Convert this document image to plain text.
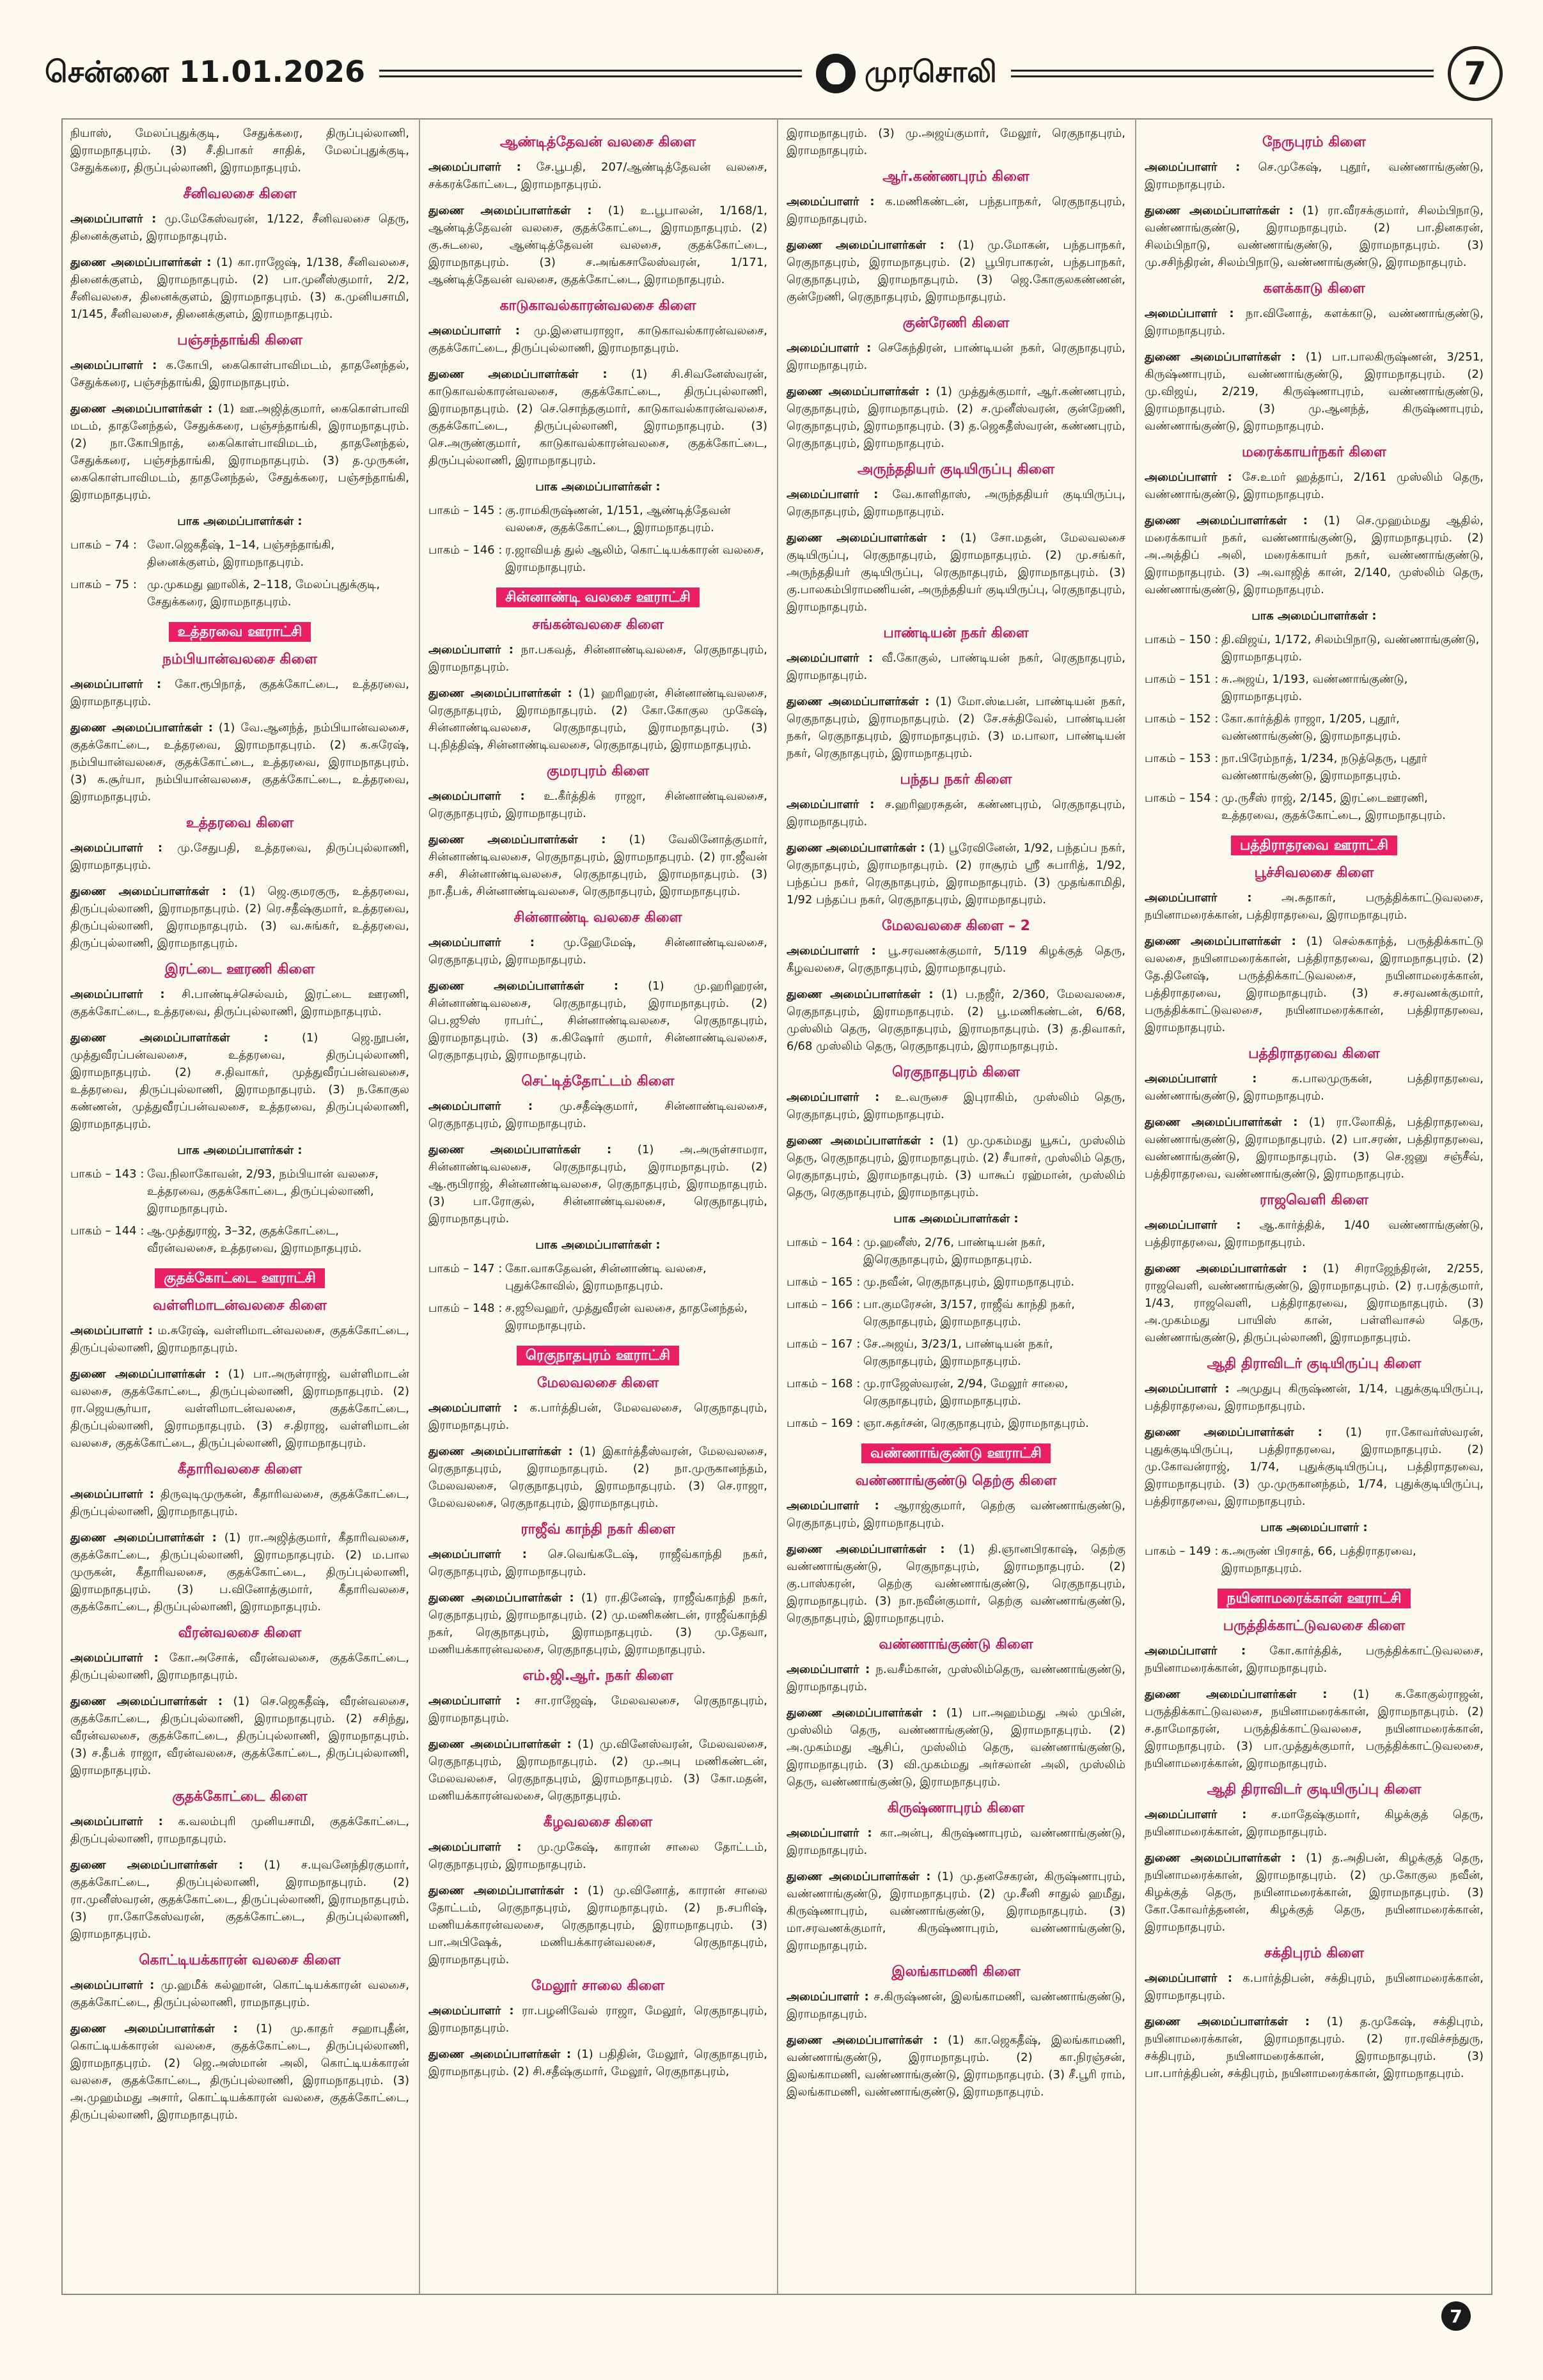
சென்னை 11.01.2026	முரசொலி	7

நியாஸ், மேலப்புதுக்குடி, சேதுக்கரை, திருப்புல்லாணி, இராமநாதபுரம். (3) சீ.திபாகர் சாதிக், மேலப்புதுக்குடி, சேதுக்கரை, திருப்புல்லாணி, இராமநாதபுரம்.

சீனிவலசை கிளை

அமைப்பாளர் : மு.மேகேஸ்வரன், 1/122, சீனிவலசை தெரு, தினைக்குளம், இராமநாதபுரம்.

துணை அமைப்பாளர்கள் : (1) கா.ராஜேஷ், 1/138, சீனிவலசை, தினைக்குளம், இராமநாதபுரம். (2) பா.முனீஸ்குமார், 2/2, சீனிவலசை, தினைக்குளம், இராமநாதபுரம். (3) க.முனியசாமி, 1/145, சீனிவலசை, தினைக்குளம், இராமநாதபுரம்.

பஞ்சந்தாங்கி கிளை

அமைப்பாளர் : க.கோபி, கைகொள்பாவிமடம், தாதனேந்தல், சேதுக்கரை, பஞ்சந்தாங்கி, இராமநாதபுரம்.

துணை அமைப்பாளர்கள் : (1) ஊ.அஜித்குமார், கைகொள்பாவி மடம், தாதனேந்தல், சேதுக்கரை, பஞ்சந்தாங்கி, இராமநாதபுரம். (2) நா.கோபிநாத், கைகொள்பாவிமடம், தாதனேந்தல், சேதுக்கரை, பஞ்சந்தாங்கி, இராமநாதபுரம். (3) த.முருகன், கைகொள்பாவிமடம், தாதனேந்தல், சேதுக்கரை, பஞ்சந்தாங்கி, இராமநாதபுரம்.

பாக அமைப்பாளர்கள் :
பாகம் – 74 : லோ.ஜெகதீஷ், 1–14, பஞ்சந்தாங்கி, தினைக்குளம், இராமநாதபுரம்.
பாகம் – 75 : மு.முகமது ஹாலிக், 2–118, மேலப்புதுக்குடி, சேதுக்கரை, இராமநாதபுரம்.
உத்தரவை ஊராட்சி
நம்பியான்வலசை கிளை

அமைப்பாளர் : கோ.ரூபிநாத், குதக்கோட்டை, உத்தரவை, இராமநாதபுரம்.

துணை அமைப்பாளர்கள் : (1) வே.ஆனந்த், நம்பியான்வலசை, குதக்கோட்டை, உத்தரவை, இராமநாதபுரம். (2) க.சுரேஷ், நம்பியான்வலசை, குதக்கோட்டை, உத்தரவை, இராமநாதபுரம். (3) க.சூர்யா, நம்பியான்வலசை, குதக்கோட்டை, உத்தரவை, இராமநாதபுரம்.

உத்தரவை கிளை

அமைப்பாளர் : மு.சேதுபதி, உத்தரவை, திருப்புல்லாணி, இராமநாதபுரம்.

துணை அமைப்பாளர்கள் : (1) ஜெ.குமரகுரு, உத்தரவை, திருப்புல்லாணி, இராமநாதபுரம். (2) ரெ.சதீஷ்குமார், உத்தரவை, திருப்புல்லாணி, இராமநாதபுரம். (3) வ.சுங்கர், உத்தரவை, திருப்புல்லாணி, இராமநாதபுரம்.

இரட்டை ஊரணி கிளை

அமைப்பாளர் : சி.பாண்டிச்செல்வம், இரட்டை ஊரணி, குதக்கோட்டை, உத்தரவை, திருப்புல்லாணி, இராமநாதபுரம்.

துணை அமைப்பாளர்கள் : (1) ஜெ.நூபன், முத்துவீரப்பன்வலசை, உத்தரவை, திருப்புல்லாணி, இராமநாதபுரம். (2) ச.திவாகர், முத்துவீரப்பன்வலசை, உத்தரவை, திருப்புல்லாணி, இராமநாதபுரம். (3) ந.கோகுல கண்ணன், முத்துவீரப்பன்வலசை, உத்தரவை, திருப்புல்லாணி, இராமநாதபுரம்.

பாக அமைப்பாளர்கள் :
பாகம் – 143 : வே.நிலாகோவன், 2/93, நம்பியான் வலசை, உத்தரவை, குதக்கோட்டை, திருப்புல்லாணி, இராமநாதபுரம்.
பாகம் – 144 : ஆ.முத்துராஜ், 3–32, குதக்கோட்டை, வீரன்வலசை, உத்தரவை, இராமநாதபுரம்.
குதக்கோட்டை ஊராட்சி
வள்ளிமாடன்வலசை கிளை

அமைப்பாளர் : ம.சுரேஷ், வள்ளிமாடன்வலசை, குதக்கோட்டை, திருப்புல்லாணி, இராமநாதபுரம்.

துணை அமைப்பாளர்கள் : (1) பா.அருள்ராஜ், வள்ளிமாடன் வலசை, குதக்கோட்டை, திருப்புல்லாணி, இராமநாதபுரம். (2) ரா.ஜெயசூர்யா, வள்ளிமாடன்வலசை, குதக்கோட்டை, திருப்புல்லாணி, இராமநாதபுரம். (3) ச.திராஜ, வள்ளிமாடன் வலசை, குதக்கோட்டை, திருப்புல்லாணி, இராமநாதபுரம்.

கீதாரிவலசை கிளை

அமைப்பாளர் : திருவுடிமுருகன், கீதாரிவலசை, குதக்கோட்டை, திருப்புல்லாணி, இராமநாதபுரம்.

துணை அமைப்பாளர்கள் : (1) ரா.அஜித்குமார், கீதாரிவலசை, குதக்கோட்டை, திருப்புல்லாணி, இராமநாதபுரம். (2) ம.பால முருகன், கீதாரிவலசை, குதக்கோட்டை, திருப்புல்லாணி, இராமநாதபுரம். (3) ப.வினோத்குமார், கீதாரிவலசை, குதக்கோட்டை, திருப்புல்லாணி, இராமநாதபுரம்.

வீரன்வலசை கிளை

அமைப்பாளர் : கோ.அசோக், வீரன்வலசை, குதக்கோட்டை, திருப்புல்லாணி, இராமநாதபுரம்.

துணை அமைப்பாளர்கள் : (1) செ.ஜெகதீஷ், வீரன்வலசை, குதக்கோட்டை, திருப்புல்லாணி, இராமநாதபுரம். (2) சசிந்து, வீரன்வலசை, குதக்கோட்டை, திருப்புல்லாணி, இராமநாதபுரம். (3) ச.தீபக் ராஜா, வீரன்வலசை, குதக்கோட்டை, திருப்புல்லாணி, இராமநாதபுரம்.

குதக்கோட்டை கிளை

அமைப்பாளர் : க.வலம்புரி முனியசாமி, குதக்கோட்டை, திருப்புல்லாணி, ராமநாதபுரம்.

துணை அமைப்பாளர்கள் : (1) ச.யுவனேந்திரகுமார், குதக்கோட்டை, திருப்புல்லாணி, இராமநாதபுரம். (2) ரா.முனீஸ்வரன், குதக்கோட்டை, திருப்புல்லாணி, இராமநாதபுரம். (3) ரா.கோகேஸ்வரன், குதக்கோட்டை, திருப்புல்லாணி, இராமநாதபுரம்.

கொட்டியக்காரன் வலசை கிளை

அமைப்பாளர் : மு.ஹமீக் கல்ஹான், கொட்டியக்காரன் வலசை, குதக்கோட்டை, திருப்புல்லாணி, ராமநாதபுரம்.

துணை அமைப்பாளர்கள் : (1) மு.காதர் சஹாபுதீன், கொட்டியக்காரன் வலசை, குதக்கோட்டை, திருப்புல்லாணி, இராமநாதபுரம். (2) ஜெ.அஸ்மான் அலி, கொட்டியக்காரன் வலசை, குதக்கோட்டை, திருப்புல்லாணி, இராமநாதபுரம். (3) அ.முஹம்மது அசார், கொட்டியக்காரன் வலசை, குதக்கோட்டை, திருப்புல்லாணி, இராமநாதபுரம்.

ஆண்டித்தேவன் வலசை கிளை

அமைப்பாளர் : சே.பூபதி, 207/ஆண்டித்தேவன் வலசை, சக்கரக்கோட்டை, இராமநாதபுரம்.

துணை அமைப்பாளர்கள் : (1) உ.பூபாலன், 1/168/1, ஆண்டித்தேவன் வலசை, குதக்கோட்டை, இராமநாதபுரம். (2) கு.சுடலை, ஆண்டித்தேவன் வலசை, குதக்கோட்டை, இராமநாதபுரம். (3) ச.அங்கசாலேஸ்வரன், 1/171, ஆண்டித்தேவன் வலசை, குதக்கோட்டை, இராமநாதபுரம்.

காடுகாவல்காரன்வலசை கிளை

அமைப்பாளர் : மு.இளையராஜா, காடுகாவல்காரன்வலசை, குதக்கோட்டை, திருப்புல்லாணி, இராமநாதபுரம்.

துணை அமைப்பாளர்கள் : (1) சி.சிவனேஸ்வரன், காடுகாவல்காரன்வலசை, குதக்கோட்டை, திருப்புல்லாணி, இராமநாதபுரம். (2) செ.சொந்தகுமார், காடுகாவல்காரன்வலசை, குதக்கோட்டை, திருப்புல்லாணி, இராமநாதபுரம். (3) செ.அருண்குமார், காடுகாவல்காரன்வலசை, குதக்கோட்டை, திருப்புல்லாணி, இராமநாதபுரம்.

பாக அமைப்பாளர்கள் :
பாகம் – 145 : கு.ராமகிருஷ்ணன், 1/151, ஆண்டித்தேவன் வலசை, குதக்கோட்டை, இராமநாதபுரம்.
பாகம் – 146 : ர.ஜாவியத் துல் ஆலிம், கொட்டியக்காரன் வலசை, இராமநாதபுரம்.
சின்னாண்டி வலசை ஊராட்சி
சங்கன்வலசை கிளை

அமைப்பாளர் : நா.பகவத், சின்னாண்டிவலசை, ரெகுநாதபுரம், இராமநாதபுரம்.

துணை அமைப்பாளர்கள் : (1) ஹரிஹரன், சின்னாண்டிவலசை, ரெகுநாதபுரம், இராமநாதபுரம். (2) கோ.கோகுல முகேஷ், சின்னாண்டிவலசை, ரெகுநாதபுரம், இராமநாதபுரம். (3) பு.நித்திஷ், சின்னாண்டிவலசை, ரெகுநாதபுரம், இராமநாதபுரம்.

குமரபுரம் கிளை

அமைப்பாளர் : உ.கீர்த்திக் ராஜா, சின்னாண்டிவலசை, ரெகுநாதபுரம், இராமநாதபுரம்.

துணை அமைப்பாளர்கள் : (1) வேலினோத்குமார், சின்னாண்டிவலசை, ரெகுநாதபுரம், இராமநாதபுரம். (2) ரா.ஜீவன் சசி, சின்னாண்டிவலசை, ரெகுநாதபுரம், இராமநாதபுரம். (3) நா.தீபக், சின்னாண்டிவலசை, ரெகுநாதபுரம், இராமநாதபுரம்.

சின்னாண்டி வலசை கிளை

அமைப்பாளர் : மு.ஹேமேஷ், சின்னாண்டிவலசை, ரெகுநாதபுரம், இராமநாதபுரம்.

துணை அமைப்பாளர்கள் : (1) மு.ஹரிஹரன், சின்னாண்டிவலசை, ரெகுநாதபுரம், இராமநாதபுரம். (2) பெ.ஜூஸ் ராபர்ட், சின்னாண்டிவலசை, ரெகுநாதபுரம், இராமநாதபுரம். (3) க.கிஷோர் குமார், சின்னாண்டிவலசை, ரெகுநாதபுரம், இராமநாதபுரம்.

செட்டித்தோட்டம் கிளை

அமைப்பாளர் : மு.சதீஷ்குமார், சின்னாண்டிவலசை, ரெகுநாதபுரம், இராமநாதபுரம்.

துணை அமைப்பாளர்கள் : (1) அ.அருள்சாமரா, சின்னாண்டிவலசை, ரெகுநாதபுரம், இராமநாதபுரம். (2) ஆ.ரூபிராஜ், சின்னாண்டிவலசை, ரெகுநாதபுரம், இராமநாதபுரம். (3) பா.ரோகுல், சின்னாண்டிவலசை, ரெகுநாதபுரம், இராமநாதபுரம்.

பாக அமைப்பாளர்கள் :
பாகம் – 147 : கோ.வாசுதேவன், சின்னாண்டி வலசை, புதுக்கோவில், இராமநாதபுரம்.
பாகம் – 148 : ச.ஜூவஹர், முத்துவீரன் வலசை, தாதனேந்தல், இராமநாதபுரம்.
ரெகுநாதபுரம் ஊராட்சி
மேலவலசை கிளை

அமைப்பாளர் : க.பார்த்திபன், மேலவலசை, ரெகுநாதபுரம், இராமநாதபுரம்.

துணை அமைப்பாளர்கள் : (1) இகார்த்தீஸ்வரன், மேலவலசை, ரெகுநாதபுரம், இராமநாதபுரம். (2) நா.முருகானந்தம், மேலவலசை, ரெகுநாதபுரம், இராமநாதபுரம். (3) செ.ராஜா, மேலவலசை, ரெகுநாதபுரம், இராமநாதபுரம்.

ராஜீவ் காந்தி நகர் கிளை

அமைப்பாளர் : செ.வெங்கடேஷ், ராஜீவ்காந்தி நகர், ரெகுநாதபுரம், இராமநாதபுரம்.

துணை அமைப்பாளர்கள் : (1) ரா.தினேஷ், ராஜீவ்காந்தி நகர், ரெகுநாதபுரம், இராமநாதபுரம். (2) மு.மணிகண்டன், ராஜீவ்காந்தி நகர், ரெகுநாதபுரம், இராமநாதபுரம். (3) மு.தேவா, மணியக்காரன்வலசை, ரெகுநாதபுரம், இராமநாதபுரம்.

எம்.ஜி.ஆர். நகர் கிளை

அமைப்பாளர் : சா.ராஜேஷ், மேலவலசை, ரெகுநாதபுரம், இராமநாதபுரம்.

துணை அமைப்பாளர்கள் : (1) மு.வினேஸ்வரன், மேலவலசை, ரெகுநாதபுரம், இராமநாதபுரம். (2) மு.அபு மணிகண்டன், மேலவலசை, ரெகுநாதபுரம், இராமநாதபுரம். (3) கோ.மதன், மணியக்காரன்வலசை, ரெகுநாதபுரம்.

கீழவலசை கிளை

அமைப்பாளர் : மு.முகேஷ், காரான் சாலை தோட்டம், ரெகுநாதபுரம், இராமநாதபுரம்.

துணை அமைப்பாளர்கள் : (1) மு.வினோத், காரான் சாலை தோட்டம், ரெகுநாதபுரம், இராமநாதபுரம். (2) ந.சபரிஷ், மணியக்காரன்வலசை, ரெகுநாதபுரம், இராமநாதபுரம். (3) பா.அபிஷேக், மணியக்காரன்வலசை, ரெகுநாதபுரம், இராமநாதபுரம்.

மேலூர் சாலை கிளை

அமைப்பாளர் : ரா.பழனிவேல் ராஜா, மேலூர், ரெகுநாதபுரம், இராமநாதபுரம்.

துணை அமைப்பாளர்கள் : (1) பதிதின், மேலூர், ரெகுநாதபுரம், இராமநாதபுரம். (2) சி.சதீஷ்குமார், மேலூர், ரெகுநாதபுரம்,

இராமநாதபுரம். (3) மு.அஜய்குமார், மேலூர், ரெகுநாதபுரம், இராமநாதபுரம்.

ஆர்.கண்ணபுரம் கிளை

அமைப்பாளர் : க.மணிகண்டன், பந்தபாநகர், ரெகுநாதபுரம், இராமநாதபுரம்.

துணை அமைப்பாளர்கள் : (1) மு.மோகன், பந்தபாநகர், ரெகுநாதபுரம், இராமநாதபுரம். (2) பூபிரபாகரன், பந்தபாநகர், ரெகுநாதபுரம், இராமநாதபுரம். (3) ஜெ.கோகுலகண்ணன், குன்றேணி, ரெகுநாதபுரம், இராமநாதபுரம்.

குன்ரேணி கிளை

அமைப்பாளர் : செகேந்திரன், பாண்டியன் நகர், ரெகுநாதபுரம், இராமநாதபுரம்.

துணை அமைப்பாளர்கள் : (1) முத்துக்குமார், ஆர்.கண்ணபுரம், ரெகுநாதபுரம், இராமநாதபுரம். (2) ச.முனீஸ்வரன், குன்றேணி, ரெகுநாதபுரம், இராமநாதபுரம். (3) த.ஜெகதீஸ்வரன், கண்ணபுரம், ரெகுநாதபுரம், இராமநாதபுரம்.

அருந்ததியர் குடியிருப்பு கிளை

அமைப்பாளர் : வே.காளிதாஸ், அருந்ததியர் குடியிருப்பு, ரெகுநாதபுரம், இராமநாதபுரம்.

துணை அமைப்பாளர்கள் : (1) சோ.மதன், மேலவலசை குடியிருப்பு, ரெகுநாதபுரம், இராமநாதபுரம். (2) மு.சங்கர், அருந்ததியர் குடியிருப்பு, ரெகுநாதபுரம், இராமநாதபுரம். (3) கு.பாலகம்பிராமணியன், அருந்ததியர் குடியிருப்பு, ரெகுநாதபுரம், இராமநாதபுரம்.

பாண்டியன் நகர் கிளை

அமைப்பாளர் : வீ.கோகுல், பாண்டியன் நகர், ரெகுநாதபுரம், இராமநாதபுரம்.

துணை அமைப்பாளர்கள் : (1) மோ.ஸ்டீபன், பாண்டியன் நகர், ரெகுநாதபுரம், இராமநாதபுரம். (2) சே.சக்திவேல், பாண்டியன் நகர், ரெகுநாதபுரம், இராமநாதபுரம். (3) ம.பாலா, பாண்டியன் நகர், ரெகுநாதபுரம், இராமநாதபுரம்.

பந்தப நகர் கிளை

அமைப்பாளர் : ச.ஹரிஹரசுதன், கண்ணபுரம், ரெகுநாதபுரம், இராமநாதபுரம்.

துணை அமைப்பாளர்கள் : (1) பூரேவினேன், 1/92, பந்தப்ப நகர், ரெகுநாதபுரம், இராமநாதபுரம். (2) ராசூரம் ஸ்ரீ சுபாரித், 1/92, பந்தப்ப நகர், ரெகுநாதபுரம், இராமநாதபுரம். (3) முதங்காமிதி, 1/92 பந்தப்ப நகர், ரெகுநாதபுரம், இராமநாதபுரம்.

மேலவலசை கிளை – 2

அமைப்பாளர் : பூ.சரவணக்குமார், 5/119 கிழக்குத் தெரு, கீழவலசை, ரெகுநாதபுரம், இராமநாதபுரம்.

துணை அமைப்பாளர்கள் : (1) ப.நஜீர், 2/360, மேலவலசை, ரெகுநாதபுரம், இராமநாதபுரம். (2) பூ.மணிகண்டன், 6/68, முஸ்லிம் தெரு, ரெகுநாதபுரம், இராமநாதபுரம். (3) த.திவாகர், 6/68 முஸ்லிம் தெரு, ரெகுநாதபுரம், இராமநாதபுரம்.

ரெகுநாதபுரம் கிளை

அமைப்பாளர் : உ.வருசை இபுராகிம், முஸ்லிம் தெரு, ரெகுநாதபுரம், இராமநாதபுரம்.

துணை அமைப்பாளர்கள் : (1) மு.முகம்மது யூசுப், முஸ்லிம் தெரு, ரெகுநாதபுரம், இராமநாதபுரம். (2) சீயாசர், முஸ்லிம் தெரு, ரெகுநாதபுரம், இராமநாதபுரம். (3) யாகூப் ரஹ்மான், முஸ்லிம் தெரு, ரெகுநாதபுரம், இராமநாதபுரம்.

பாக அமைப்பாளர்கள் :
பாகம் – 164 : மு.ஹனீஸ், 2/76, பாண்டியன் நகர், இரெகுநாதபுரம், இராமநாதபுரம்.
பாகம் – 165 : மு.நவீன், ரெகுநாதபுரம், இராமநாதபுரம்.
பாகம் – 166 : பா.குமரேசன், 3/157, ராஜீவ் காந்தி நகர், ரெகுநாதபுரம், இராமநாதபுரம்.
பாகம் – 167 : சே.அஜய், 3/23/1, பாண்டியன் நகர், ரெகுநாதபுரம், இராமநாதபுரம்.
பாகம் – 168 : மு.ராஜேஸ்வரன், 2/94, மேலூர் சாலை, ரெகுநாதபுரம், இராமநாதபுரம்.
பாகம் – 169 : ஞா.சுதர்சன், ரெகுநாதபுரம், இராமநாதபுரம்.
வண்ணாங்குண்டு ஊராட்சி
வண்ணாங்குண்டு தெற்கு கிளை

அமைப்பாளர் : ஆராஜ்குமார், தெற்கு வண்ணாங்குண்டு, ரெகுநாதபுரம், இராமநாதபுரம்.

துணை அமைப்பாளர்கள் : (1) தி.ஞானபிரகாஷ், தெற்கு வண்ணாங்குண்டு, ரெகுநாதபுரம், இராமநாதபுரம். (2) கு.பாஸ்கரன், தெற்கு வண்ணாங்குண்டு, ரெகுநாதபுரம், இராமநாதபுரம். (3) நா.நவீன்குமார், தெற்கு வண்ணாங்குண்டு, ரெகுநாதபுரம், இராமநாதபுரம்.

வண்ணாங்குண்டு கிளை

அமைப்பாளர் : ந.வசீம்கான், முஸ்லிம்தெரு, வண்ணாங்குண்டு, இராமநாதபுரம்.

துணை அமைப்பாளர்கள் : (1) பா.அஹம்மது அல் முபின், முஸ்லிம் தெரு, வண்ணாங்குண்டு, இராமநாதபுரம். (2) அ.முகம்மது ஆசிப், முஸ்லிம் தெரு, வண்ணாங்குண்டு, இராமநாதபுரம். (3) வி.முகம்மது அர்சலான் அலி, முஸ்லிம் தெரு, வண்ணாங்குண்டு, இராமநாதபுரம்.

கிருஷ்ணாபுரம் கிளை

அமைப்பாளர் : கா.அன்பு, கிருஷ்ணாபுரம், வண்ணாங்குண்டு, இராமநாதபுரம்.

துணை அமைப்பாளர்கள் : (1) மு.தனசேகரன், கிருஷ்ணாபுரம், வண்ணாங்குண்டு, இராமநாதபுரம். (2) மு.சீனி சாதுல் ஹமீது, கிருஷ்ணாபுரம், வண்ணாங்குண்டு, இராமநாதபுரம். (3) மா.சரவணக்குமார், கிருஷ்ணாபுரம், வண்ணாங்குண்டு, இராமநாதபுரம்.

இலங்காமணி கிளை

அமைப்பாளர் : ச.கிருஷ்ணன், இலங்காமணி, வண்ணாங்குண்டு, இராமநாதபுரம்.

துணை அமைப்பாளர்கள் : (1) கா.ஜெகதீஷ், இலங்காமணி, வண்ணாங்குண்டு, இராமநாதபுரம். (2) கா.நிரஞ்சன், இலங்காமணி, வண்ணாங்குண்டு, இராமநாதபுரம். (3) சீ.பூரி ராம், இலங்காமணி, வண்ணாங்குண்டு, இராமநாதபுரம்.

நேருபுரம் கிளை

அமைப்பாளர் : செ.முகேஷ், புதூர், வண்ணாங்குண்டு, இராமநாதபுரம்.

துணை அமைப்பாளர்கள் : (1) ரா.வீரசக்குமார், சிலம்பிநாடு, வண்ணாங்குண்டு, இராமநாதபுரம். (2) பா.தினகரன், சிலம்பிநாடு, வண்ணாங்குண்டு, இராமநாதபுரம். (3) மு.சசிந்திரன், சிலம்பிநாடு, வண்ணாங்குண்டு, இராமநாதபுரம்.

களக்காடு கிளை

அமைப்பாளர் : நா.வினோத், களக்காடு, வண்ணாங்குண்டு, இராமநாதபுரம்.

துணை அமைப்பாளர்கள் : (1) பா.பாலகிருஷ்ணன், 3/251, கிருஷ்ணாபுரம், வண்ணாங்குண்டு, இராமநாதபுரம். (2) மு.விஜய், 2/219, கிருஷ்ணாபுரம், வண்ணாங்குண்டு, இராமநாதபுரம். (3) மு.ஆனந்த், கிருஷ்ணாபுரம், வண்ணாங்குண்டு, இராமநாதபுரம்.

மரைக்காயர்நகர் கிளை

அமைப்பாளர் : சே.உமர் ஹத்தாப், 2/161 முஸ்லிம் தெரு, வண்ணாங்குண்டு, இராமநாதபுரம்.

துணை அமைப்பாளர்கள் : (1) செ.முஹம்மது ஆதில், மரைக்காயர் நகர், வண்ணாங்குண்டு, இராமநாதபுரம். (2) அ.அத்திப் அலி, மரைக்காயர் நகர், வண்ணாங்குண்டு, இராமநாதபுரம். (3) அ.வாஜித் கான், 2/140, முஸ்லிம் தெரு, வண்ணாங்குண்டு, இராமநாதபுரம்.

பாக அமைப்பாளர்கள் :
பாகம் – 150 : தி.விஜய், 1/172, சிலம்பிநாடு, வண்ணாங்குண்டு, இராமநாதபுரம்.
பாகம் – 151 : சு.அஜய், 1/193, வண்ணாங்குண்டு, இராமநாதபுரம்.
பாகம் – 152 : கோ.கார்த்திக் ராஜா, 1/205, புதூர், வண்ணாங்குண்டு, இராமநாதபுரம்.
பாகம் – 153 : நா.பிரேம்நாத், 1/234, நடுத்தெரு, புதூர் வண்ணாங்குண்டு, இராமநாதபுரம்.
பாகம் – 154 : மு.ருசீஸ் ராஜ், 2/145, இரட்டைஊரணி, உத்தரவை, குதக்கோட்டை, இராமநாதபுரம்.
பத்திராதரவை ஊராட்சி
பூச்சிவலசை கிளை

அமைப்பாளர் : அ.சுதாகர், பருத்திக்காட்டுவலசை, நயினாமரைக்கான், பத்திராதரவை, இராமநாதபுரம்.

துணை அமைப்பாளர்கள் : (1) செல்சுகாந்த், பருத்திக்காட்டு வலசை, நயினாமரைக்கான், பத்திராதரவை, இராமநாதபுரம். (2) தே.தினேஷ், பருத்திக்காட்டுவலசை, நயினாமரைக்கான், பத்திராதரவை, இராமநாதபுரம். (3) ச.சரவணக்குமார், பருத்திக்காட்டுவலசை, நயினாமரைக்கான், பத்திராதரவை, இராமநாதபுரம்.

பத்திராதரவை கிளை

அமைப்பாளர் : க.பாலமுருகன், பத்திராதரவை, வண்ணாங்குண்டு, இராமநாதபுரம்.

துணை அமைப்பாளர்கள் : (1) ரா.லோகித், பத்திராதரவை, வண்ணாங்குண்டு, இராமநாதபுரம். (2) பா.சரண், பத்திராதரவை, வண்ணாங்குண்டு, இராமநாதபுரம். (3) செ.ஜனு சஞ்சீவ், பத்திராதரவை, வண்ணாங்குண்டு, இராமநாதபுரம்.

ராஜவெளி கிளை

அமைப்பாளர் : ஆ.கார்த்திக், 1/40 வண்ணாங்குண்டு, பத்திராதரவை, இராமநாதபுரம்.

துணை அமைப்பாளர்கள் : (1) சிராஜேந்திரன், 2/255, ராஜவெளி, வண்ணாங்குண்டு, இராமநாதபுரம். (2) ர.பரத்குமார், 1/43, ராஜவெளி, பத்திராதரவை, இராமநாதபுரம். (3) அ.முகம்மது பாயிஸ் கான், பள்ளிவாசல் தெரு, வண்ணாங்குண்டு, திருப்புல்லாணி, இராமநாதபுரம்.

ஆதி திராவிடர் குடியிருப்பு கிளை

அமைப்பாளர் : அமுதுபு கிருஷ்ணன், 1/14, புதுக்குடியிருப்பு, பத்திராதரவை, இராமநாதபுரம்.

துணை அமைப்பாளர்கள் : (1) ரா.கோவர்ஸ்வரன், புதுக்குடியிருப்பு, பத்திராதரவை, இராமநாதபுரம். (2) மு.கோவன்ராஜ், 1/74, புதுக்குடியிருப்பு, பத்திராதரவை, இராமநாதபுரம். (3) மு.முருகானந்தம், 1/74, புதுக்குடியிருப்பு, பத்திராதரவை, இராமநாதபுரம்.

பாக அமைப்பாளர் :
பாகம் – 149 : க.அருண் பிரசாத், 66, பத்திராதரவை, இராமநாதபுரம்.
நயினாமரைக்கான் ஊராட்சி
பருத்திக்காட்டுவலசை கிளை

அமைப்பாளர் : கோ.கார்த்திக், பருத்திக்காட்டுவலசை, நயினாமரைக்கான், இராமநாதபுரம்.

துணை அமைப்பாளர்கள் : (1) க.கோகுல்ராஜன், பருத்திக்காட்டுவலசை, நயினாமரைக்கான், இராமநாதபுரம். (2) ச.தாமோதரன், பருத்திக்காட்டுவலசை, நயினாமரைக்கான், இராமநாதபுரம். (3) பா.முத்துக்குமார், பருத்திக்காட்டுவலசை, நயினாமரைக்கான், இராமநாதபுரம்.

ஆதி திராவிடர் குடியிருப்பு கிளை

அமைப்பாளர் : ச.மாதேஷ்குமார், கிழக்குத் தெரு, நயினாமரைக்கான், இராமநாதபுரம்.

துணை அமைப்பாளர்கள் : (1) த.அதிபன், கிழக்குத் தெரு, நயினாமரைக்கான், இராமநாதபுரம். (2) மு.கோகுல நவீன், கிழக்குத் தெரு, நயினாமரைக்கான், இராமநாதபுரம். (3) கோ.கோவர்த்தனன், கிழக்குத் தெரு, நயினாமரைக்கான், இராமநாதபுரம்.

சக்திபுரம் கிளை

அமைப்பாளர் : க.பார்த்திபன், சக்திபுரம், நயினாமரைக்கான், இராமநாதபுரம்.

துணை அமைப்பாளர்கள் : (1) த.முகேஷ், சக்திபுரம், நயினாமரைக்கான், இராமநாதபுரம். (2) ரா.ரவிச்சந்துரு, சக்திபுரம், நயினாமரைக்கான், இராமநாதபுரம். (3) பா.பார்த்திபன், சக்திபுரம், நயினாமரைக்கான், இராமநாதபுரம்.

7
